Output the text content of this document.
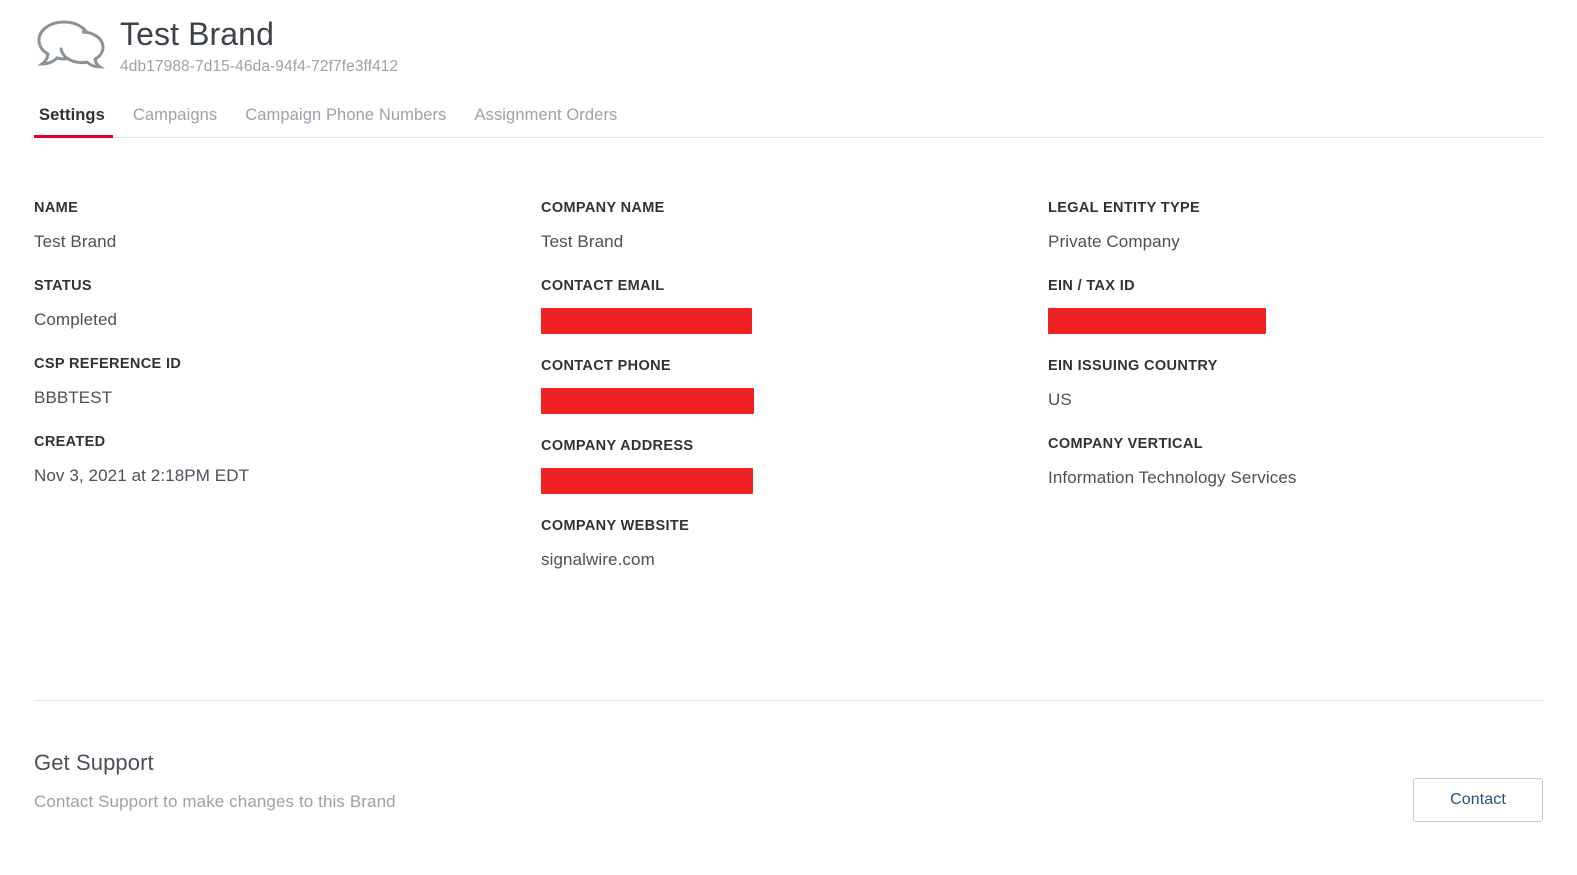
Test Brand
4db17988-7d15-46da-94f4-72f7fe3ff412
Settings	Campaigns	Campaign Phone Numbers	Assignment Orders
NAME
Test Brand
STATUS
Completed
CSP REFERENCE ID
BBBTEST
CREATED
Nov 3, 2021 at 2:18PM EDT
COMPANY NAME
Test Brand
CONTACT EMAIL
CONTACT PHONE
COMPANY ADDRESS
COMPANY WEBSITE
signalwire.com
LEGAL ENTITY TYPE
Private Company
EIN / TAX ID
EIN ISSUING COUNTRY
US
COMPANY VERTICAL
Information Technology Services
Get Support
Contact Support to make changes to this Brand	Contact
